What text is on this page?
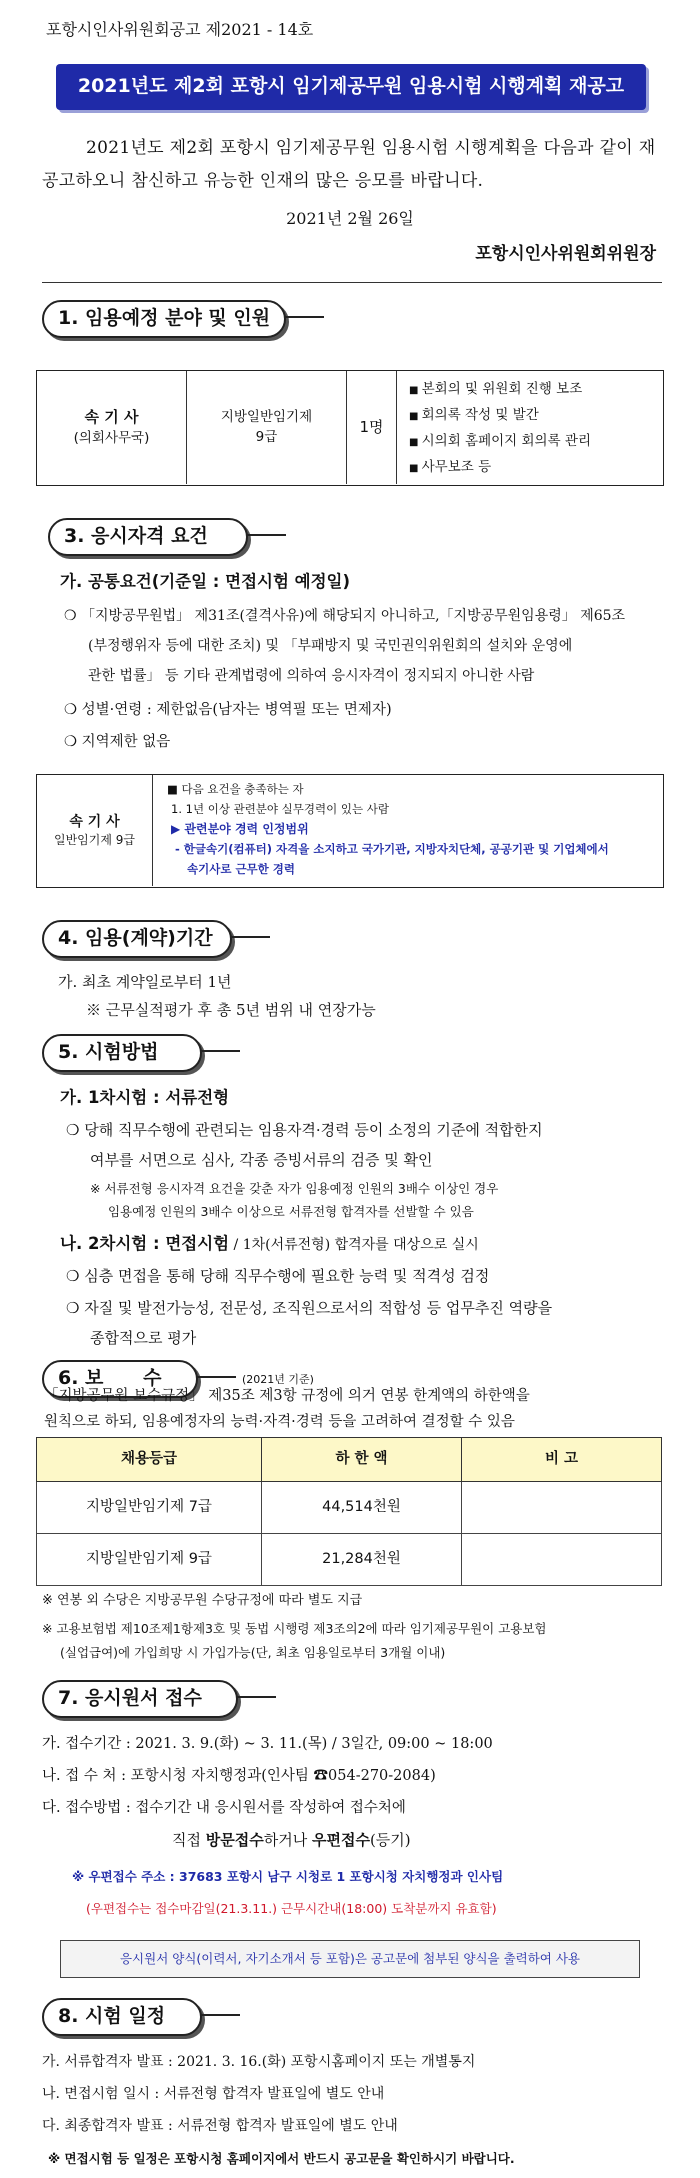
포항시인사위원회공고 제2021 - 14호
2021년도 제2회 포항시 임기제공무원 임용시험 시행계획 재공고
2021년도 제2회 포항시 임기제공무원 임용시험 시행계획을 다음과 같이 재공고하오니 참신하고 유능한 인재의 많은 응모를 바랍니다.
2021년 2월 26일
포항시인사위원회위원장
1. 임용예정 분야 및 인원
속 기 사
(의회사무국)
지방일반임기제
9급
1명
■ 본회의 및 위원회 진행 보조
■ 회의록 작성 및 발간
■ 시의회 홈페이지 회의록 관리
■ 사무보조 등
3. 응시자격 요건
가. 공통요건(기준일 : 면접시험 예정일)
❍ 「지방공무원법」 제31조(결격사유)에 해당되지 아니하고,「지방공무원임용령」 제65조
(부정행위자 등에 대한 조치) 및 「부패방지 및 국민권익위원회의 설치와 운영에
관한 법률」 등 기타 관계법령에 의하여 응시자격이 정지되지 아니한 사람
❍ 성별·연령 : 제한없음(남자는 병역필 또는 면제자)
❍ 지역제한 없음
속 기 사
일반임기제 9급
■ 다음 요건을 충족하는 자
1. 1년 이상 관련분야 실무경력이 있는 사람
▶ 관련분야 경력 인정범위
- 한글속기(컴퓨터) 자격을 소지하고 국가기관, 지방자치단체, 공공기관 및 기업체에서
속기사로 근무한 경력
4. 임용(계약)기간
가. 최초 계약일로부터 1년
※ 근무실적평가 후 총 5년 범위 내 연장가능
5. 시험방법
가. 1차시험 : 서류전형
❍ 당해 직무수행에 관련되는 임용자격·경력 등이 소정의 기준에 적합한지
여부를 서면으로 심사, 각종 증빙서류의 검증 및 확인
※ 서류전형 응시자격 요건을 갖춘 자가 임용예정 인원의 3배수 이상인 경우
임용예정 인원의 3배수 이상으로 서류전형 합격자를 선발할 수 있음
나. 2차시험 : 면접시험 / 1차(서류전형) 합격자를 대상으로 실시
❍ 심층 면접을 통해 당해 직무수행에 필요한 능력 및 적격성 검정
❍ 자질 및 발전가능성, 전문성, 조직원으로서의 적합성 등 업무추진 역량을
종합적으로 평가
6. 보      수	(2021년 기준)
「지방공무원 보수규정」 제35조 제3항 규정에 의거 연봉 한계액의 하한액을
원칙으로 하되, 임용예정자의 능력·자격·경력 등을 고려하여 결정할 수 있음
채용등급	하 한 액	비 고
지방일반임기제 7급	44,514천원	
지방일반임기제 9급	21,284천원	
※ 연봉 외 수당은 지방공무원 수당규정에 따라 별도 지급
※ 고용보험법 제10조제1항제3호 및 동법 시행령 제3조의2에 따라 임기제공무원이 고용보험
(실업급여)에 가입희망 시 가입가능(단, 최초 임용일로부터 3개월 이내)
7. 응시원서 접수
가. 접수기간 : 2021. 3. 9.(화) ~ 3. 11.(목) / 3일간, 09:00 ~ 18:00
나. 접 수 처 : 포항시청 자치행정과(인사팀 ☎054-270-2084)
다. 접수방법 : 접수기간 내 응시원서를 작성하여 접수처에
직접 방문접수하거나 우편접수(등기)
※ 우편접수 주소 : 37683 포항시 남구 시청로 1 포항시청 자치행정과 인사팀
(우편접수는 접수마감일(21.3.11.) 근무시간내(18:00) 도착분까지 유효함)
응시원서 양식(이력서, 자기소개서 등 포함)은 공고문에 첨부된 양식을 출력하여 사용
8. 시험 일정
가. 서류합격자 발표 : 2021. 3. 16.(화) 포항시홈페이지 또는 개별통지
나. 면접시험 일시 : 서류전형 합격자 발표일에 별도 안내
다. 최종합격자 발표 : 서류전형 합격자 발표일에 별도 안내
※ 면접시험 등 일정은 포항시청 홈페이지에서 반드시 공고문을 확인하시기 바랍니다.
